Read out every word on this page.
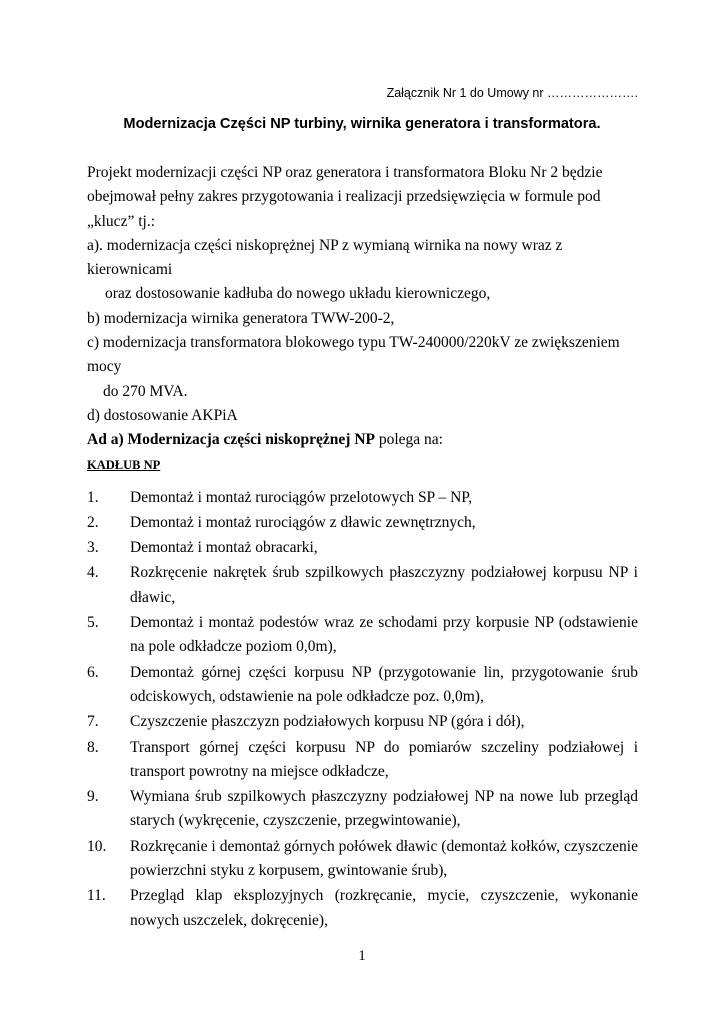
Załącznik Nr 1 do Umowy nr ………………….
Modernizacja Części NP turbiny, wirnika generatora i transformatora.

Projekt modernizacji części NP oraz generatora i transformatora Bloku Nr 2 będzie

obejmował pełny zakres przygotowania i realizacji przedsięwzięcia w formule pod „klucz” tj.:

a). modernizacja części niskoprężnej NP z wymianą wirnika na nowy wraz z kierownicami

oraz dostosowanie kadłuba do nowego układu kierowniczego,

b) modernizacja wirnika generatora TWW-200-2,

c) modernizacja transformatora blokowego typu TW-240000/220kV ze zwiększeniem mocy

do 270 MVA.

d) dostosowanie AKPiA

Ad a) Modernizacja części niskoprężnej NP polega na:

KADŁUB NP

1.	Demontaż i montaż rurociągów przelotowych SP – NP,
2.	Demontaż i montaż rurociągów z dławic zewnętrznych,
3.	Demontaż i montaż obracarki,
4.	Rozkręcenie nakrętek śrub szpilkowych płaszczyzny podziałowej korpusu NP i dławic,
5.	Demontaż i montaż podestów wraz ze schodami przy korpusie NP (odstawienie na pole odkładcze poziom 0,0m),
6.	Demontaż górnej części korpusu NP (przygotowanie lin, przygotowanie śrub odciskowych, odstawienie na pole odkładcze poz. 0,0m),
7.	Czyszczenie płaszczyzn podziałowych korpusu NP (góra i dół),
8.	Transport górnej części korpusu NP do pomiarów szczeliny podziałowej i transport powrotny na miejsce odkładcze,
9.	Wymiana śrub szpilkowych płaszczyzny podziałowej NP na nowe lub przegląd starych (wykręcenie, czyszczenie, przegwintowanie),
10.	Rozkręcanie i demontaż górnych połówek dławic (demontaż kołków, czyszczenie powierzchni styku z korpusem, gwintowanie śrub),
11.	Przegląd klap eksplozyjnych (rozkręcanie, mycie, czyszczenie, wykonanie nowych uszczelek, dokręcenie),
1
